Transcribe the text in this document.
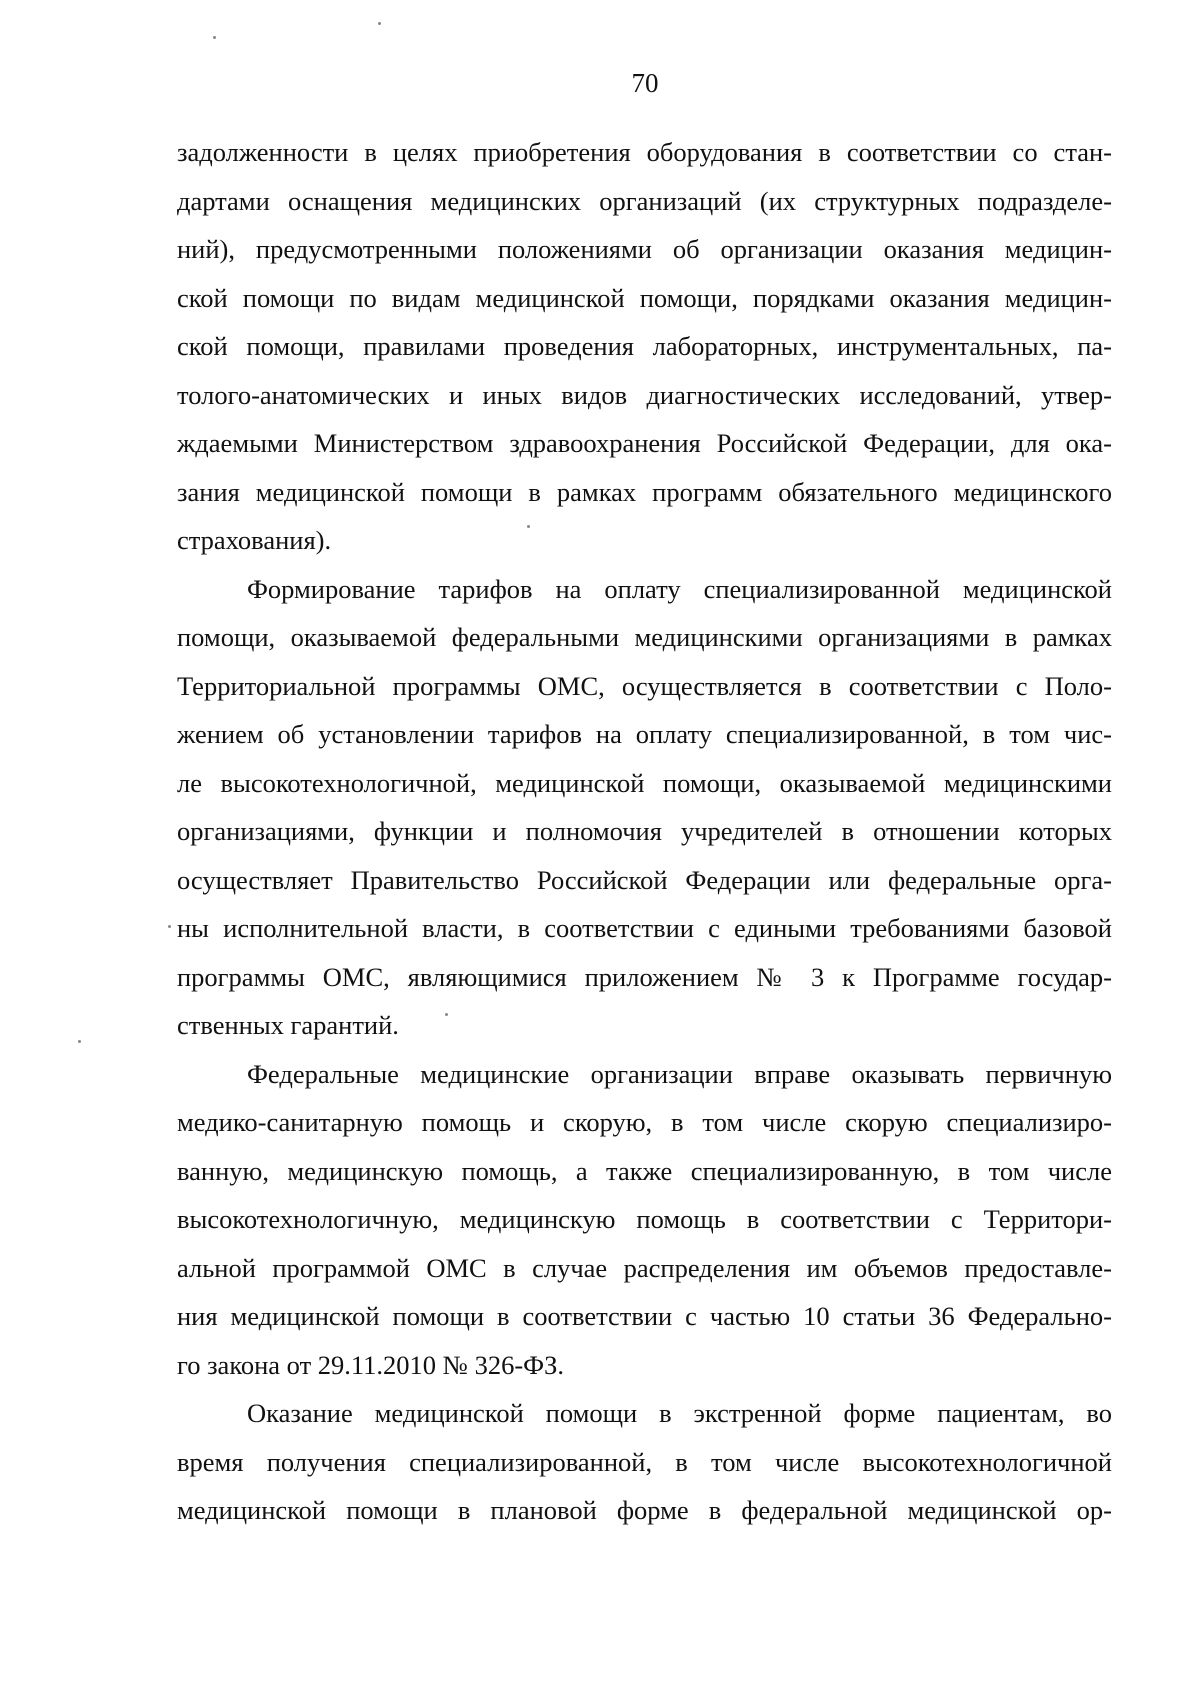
70
задолженности в целях приобретения оборудования в соответствии со стан-
дартами оснащения медицинских организаций (их структурных подразделе-
ний), предусмотренными положениями об организации оказания медицин-
ской помощи по видам медицинской помощи, порядками оказания медицин-
ской помощи, правилами проведения лабораторных, инструментальных, па-
толого-анатомических и иных видов диагностических исследований, утвер-
ждаемыми Министерством здравоохранения Российской Федерации, для ока-
зания медицинской помощи в рамках программ обязательного медицинского
страхования).
Формирование тарифов на оплату специализированной медицинской
помощи, оказываемой федеральными медицинскими организациями в рамках
Территориальной программы ОМС, осуществляется в соответствии с Поло-
жением об установлении тарифов на оплату специализированной, в том чис-
ле высокотехнологичной, медицинской помощи, оказываемой медицинскими
организациями, функции и полномочия учредителей в отношении которых
осуществляет Правительство Российской Федерации или федеральные орга-
ны исполнительной власти, в соответствии с едиными требованиями базовой
программы ОМС, являющимися приложением № 3 к Программе государ-
ственных гарантий.
Федеральные медицинские организации вправе оказывать первичную
медико-санитарную помощь и скорую, в том числе скорую специализиро-
ванную, медицинскую помощь, а также специализированную, в том числе
высокотехнологичную, медицинскую помощь в соответствии с Территори-
альной программой ОМС в случае распределения им объемов предоставле-
ния медицинской помощи в соответствии с частью 10 статьи 36 Федерально-
го закона от 29.11.2010 № 326-ФЗ.
Оказание медицинской помощи в экстренной форме пациентам, во
время получения специализированной, в том числе высокотехнологичной
медицинской помощи в плановой форме в федеральной медицинской ор-
